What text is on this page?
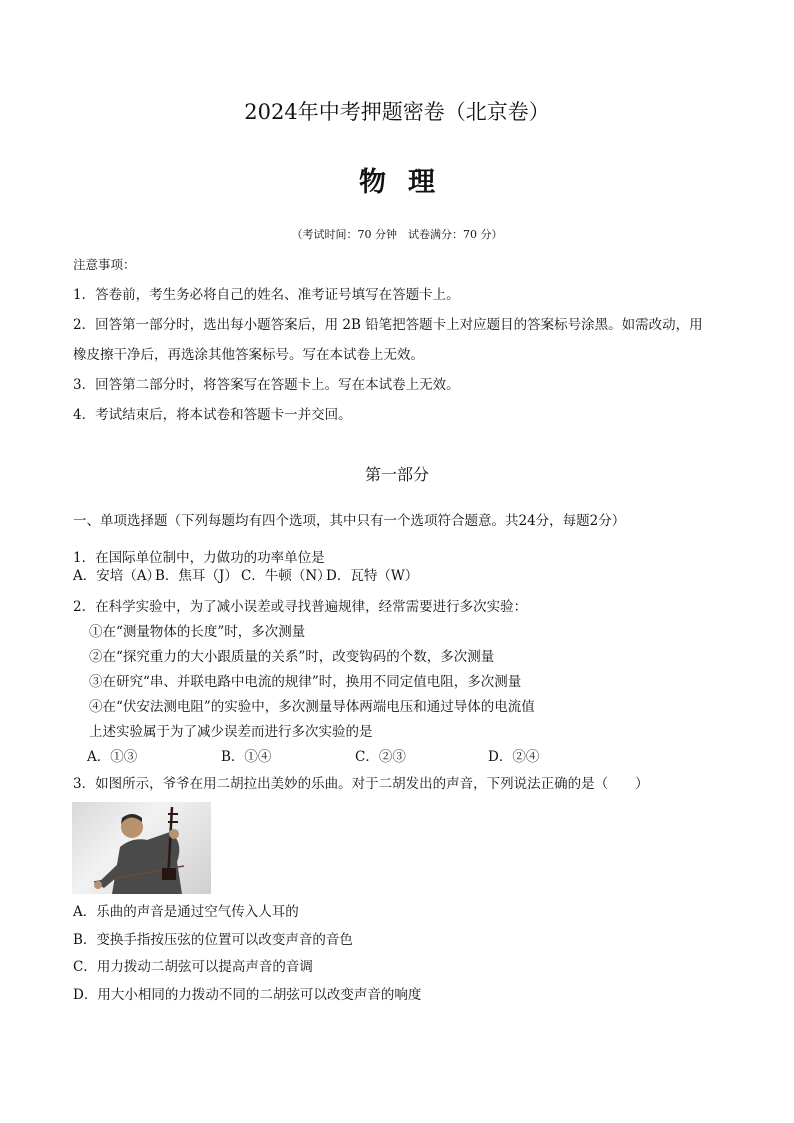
2024年中考押题密卷（北京卷）
物理
（考试时间：70 分钟　试卷满分：70 分）
注意事项：
1．答卷前，考生务必将自己的姓名、准考证号填写在答题卡上。
2．回答第一部分时，选出每小题答案后，用 2B 铅笔把答题卡上对应题目的答案标号涂黑。如需改动，用
橡皮擦干净后，再选涂其他答案标号。写在本试卷上无效。
3．回答第二部分时，将答案写在答题卡上。写在本试卷上无效。
4．考试结束后，将本试卷和答题卡一并交回。
第一部分
一、单项选择题（下列每题均有四个选项，其中只有一个选项符合题意。共24分，每题2分）
1．在国际单位制中，力做功的功率单位是
A．安培（A）
B．焦耳（J） C．牛顿（N）
D．瓦特（W）
2．在科学实验中，为了减小误差或寻找普遍规律，经常需要进行多次实验：
①在“测量物体的长度”时，多次测量
②在“探究重力的大小跟质量的关系”时，改变钩码的个数，多次测量
③在研究“串、并联电路中电流的规律”时，换用不同定值电阻，多次测量
④在“伏安法测电阻”的实验中，多次测量导体两端电压和通过导体的电流值
上述实验属于为了减少误差而进行多次实验的是
A．①③	B．①④	C．②③	D．②④
3．如图所示，爷爷在用二胡拉出美妙的乐曲。对于二胡发出的声音，下列说法正确的是（　　）
A．乐曲的声音是通过空气传入人耳的
B．变换手指按压弦的位置可以改变声音的音色
C．用力拨动二胡弦可以提高声音的音调
D．用大小相同的力拨动不同的二胡弦可以改变声音的响度
